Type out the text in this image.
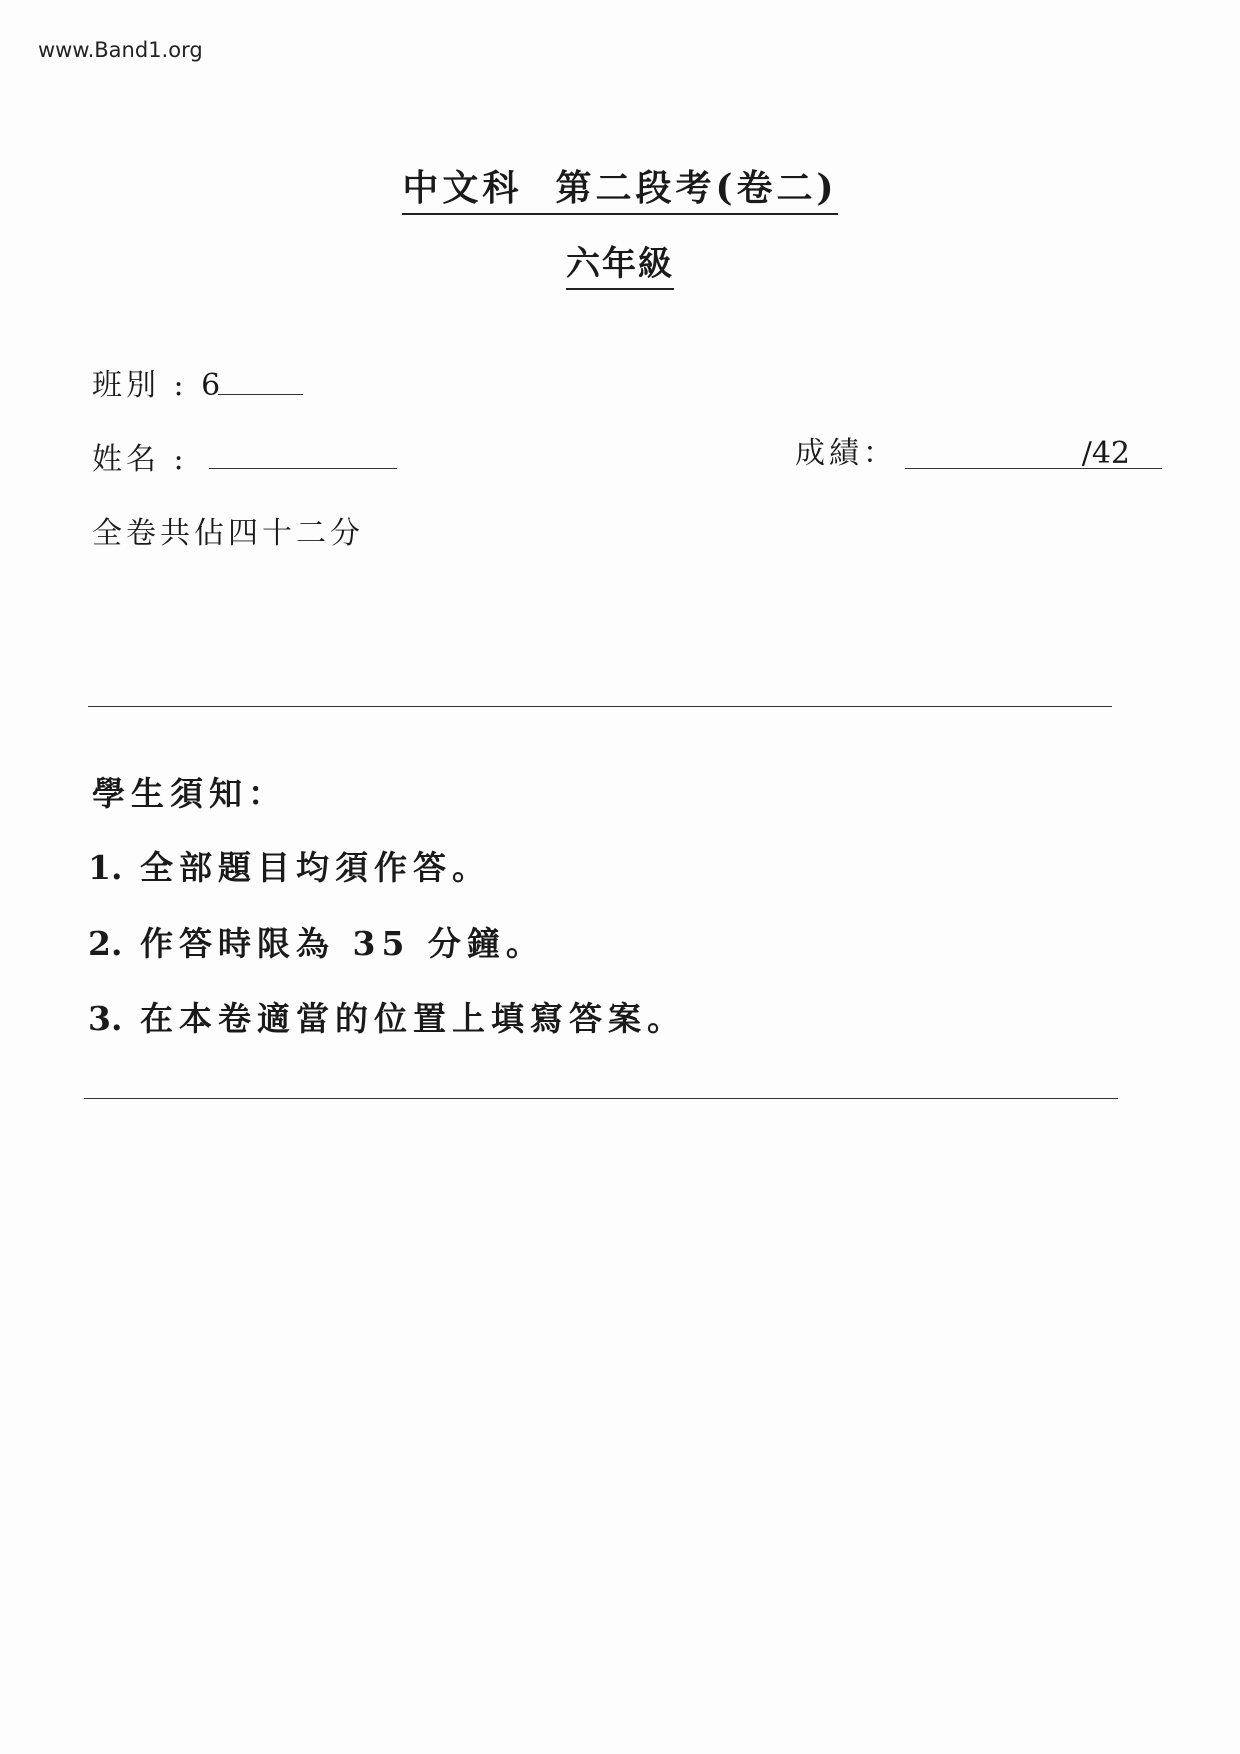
www.Band1.org
中文科  第二段考(卷二)
六年級
班別 : 6
姓名 :	成績：	/42
全卷共佔四十二分
學生須知：
1. 全部題目均須作答。
2. 作答時限為 35 分鐘。
3. 在本卷適當的位置上填寫答案。
